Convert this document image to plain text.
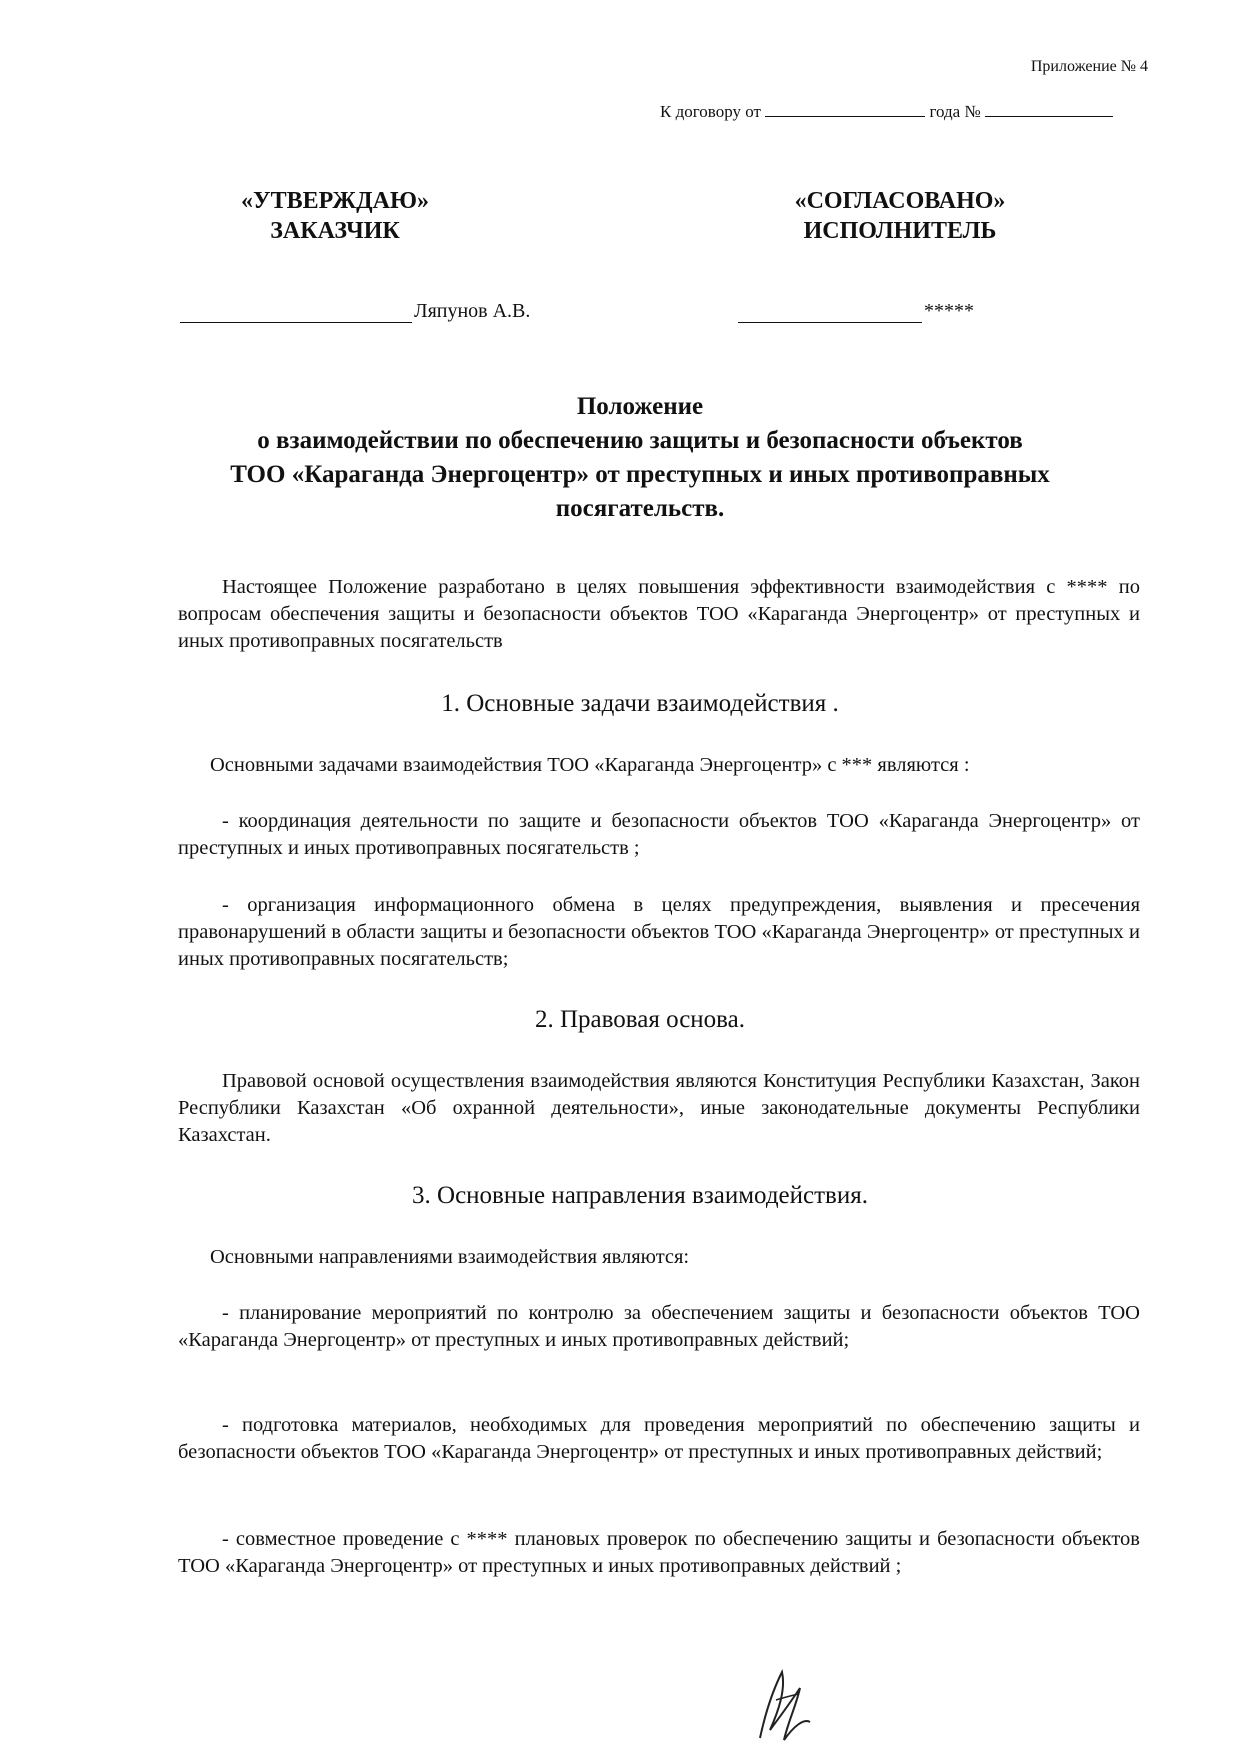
Приложение № 4
К договору от	года №
«УТВЕРЖДАЮ»
ЗАКАЗЧИК
«СОГЛАСОВАНО»
ИСПОЛНИТЕЛЬ
Ляпунов А.В.	*****
Положение
о взаимодействии по обеспечению защиты и безопасности объектов
ТОО «Караганда Энергоцентр» от преступных и иных противоправных
посягательств.
Настоящее Положение разработано в целях повышения эффективности взаимодействия с **** по вопросам обеспечения защиты и безопасности объектов ТОО «Караганда Энергоцентр» от преступных и иных противоправных посягательств
1. Основные задачи взаимодействия .
Основными задачами взаимодействия ТОО «Караганда Энергоцентр» с *** являются :
- координация деятельности по защите и безопасности объектов ТОО «Караганда Энергоцентр» от преступных и иных противоправных посягательств ;
- организация информационного обмена в целях предупреждения, выявления и пресечения правонарушений в области защиты и безопасности объектов ТОО «Караганда Энергоцентр» от преступных и иных противоправных посягательств;
2. Правовая основа.
Правовой основой осуществления взаимодействия являются Конституция Республики Казахстан, Закон Республики Казахстан «Об охранной деятельности», иные законодательные документы Республики Казахстан.
3. Основные направления взаимодействия.
Основными направлениями взаимодействия являются:
- планирование мероприятий по контролю за обеспечением защиты и безопасности объектов ТОО «Караганда Энергоцентр» от преступных и иных противоправных действий;
- подготовка материалов, необходимых для проведения мероприятий по обеспечению защиты и безопасности объектов ТОО «Караганда Энергоцентр» от преступных и иных противоправных действий;
- совместное проведение с **** плановых проверок по обеспечению защиты и безопасности объектов ТОО «Караганда Энергоцентр» от преступных и иных противоправных действий ;
